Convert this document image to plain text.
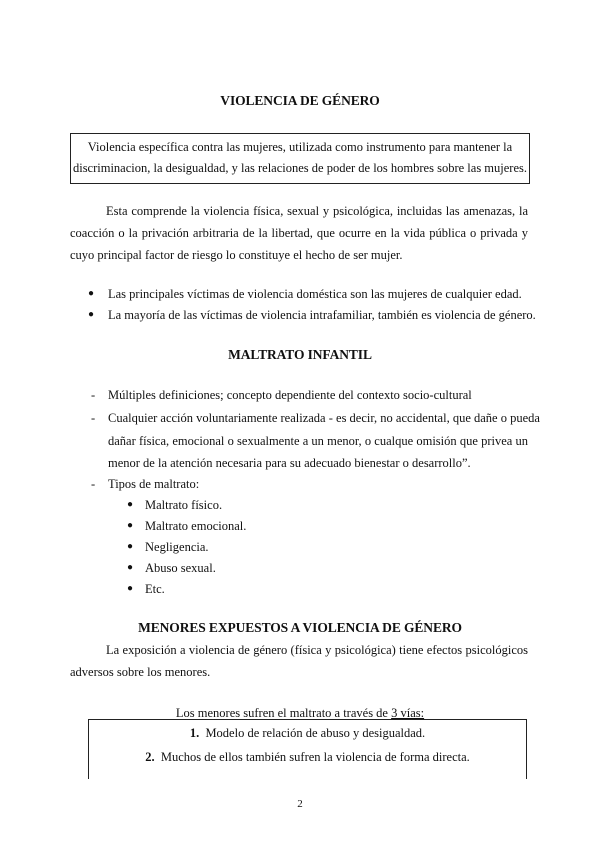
VIOLENCIA DE GÉNERO
Violencia específica contra las mujeres, utilizada como instrumento para mantener la
discriminacion, la desigualdad, y las relaciones de poder de los hombres sobre las mujeres.
Esta comprende la violencia física, sexual y psicológica, incluidas las amenazas, la
coacción o la privación arbitraria de la libertad, que ocurre en la vida pública o privada y
cuyo principal factor de riesgo lo constituye el hecho de ser mujer.
● Las principales víctimas de violencia doméstica son las mujeres de cualquier edad.
● La mayoría de las víctimas de violencia intrafamiliar, también es violencia de género.
MALTRATO INFANTIL
- Múltiples definiciones; concepto dependiente del contexto socio-cultural
- Cualquier acción voluntariamente realizada - es decir, no accidental, que dañe o pueda
dañar física, emocional o sexualmente a un menor, o cualque omisión que privea un
menor de la atención necesaria para su adecuado bienestar o desarrollo”.
- Tipos de maltrato:
● Maltrato físico.
● Maltrato emocional.
● Negligencia.
● Abuso sexual.
● Etc.
MENORES EXPUESTOS A VIOLENCIA DE GÉNERO
La exposición a violencia de género (física y psicológica) tiene efectos psicológicos
adversos sobre los menores.
Los menores sufren el maltrato a través de 3 vías:
1. Modelo de relación de abuso y desigualdad.
2. Muchos de ellos también sufren la violencia de forma directa.
2
